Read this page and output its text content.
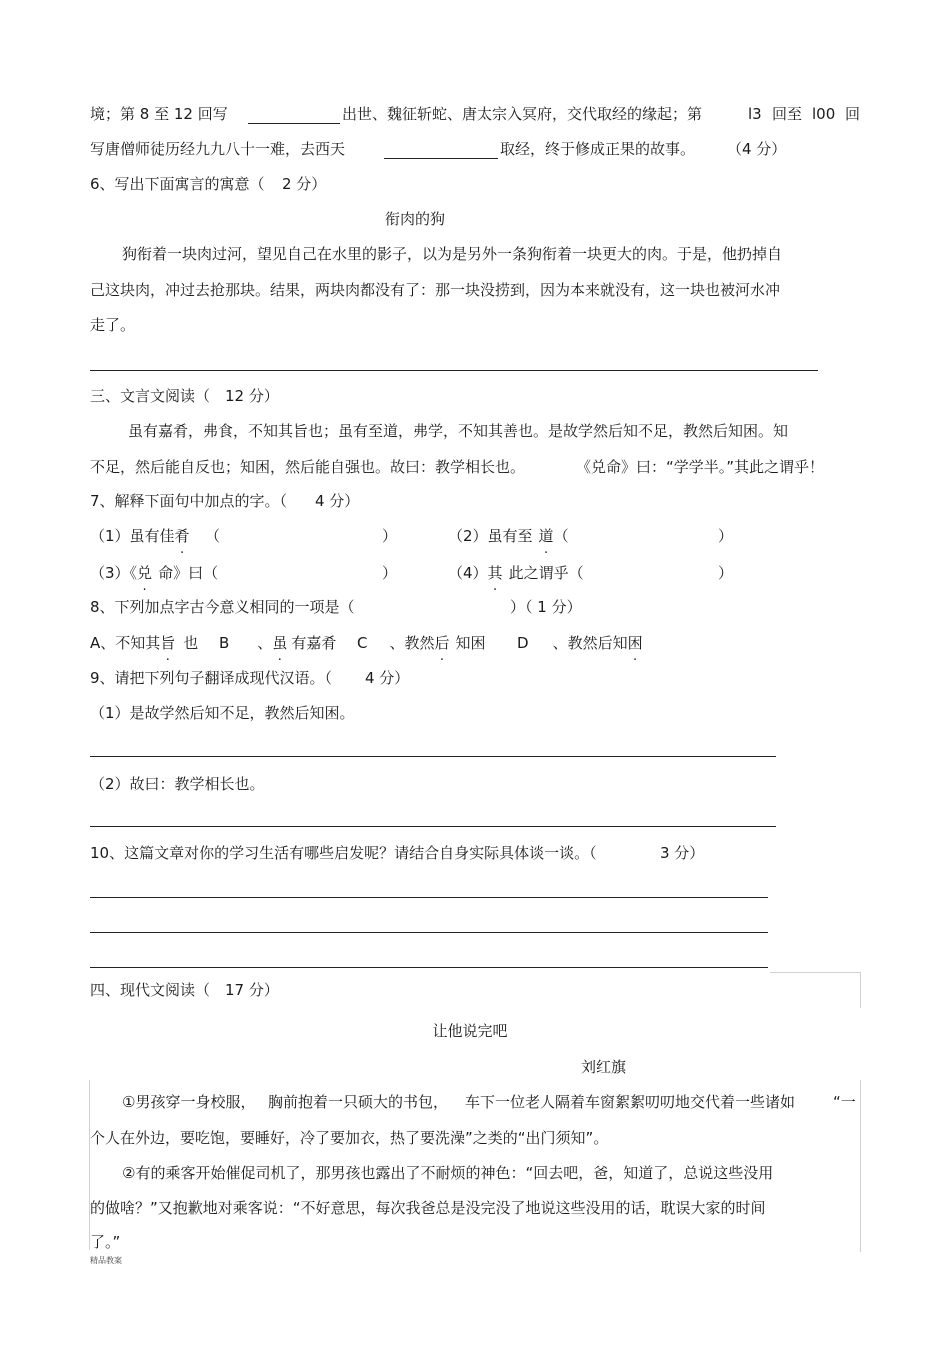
境；第 8 至 12 回写	出世、魏征斩蛇、唐太宗入冥府，交代取经的缘起；第	l3 回至 l00 回
写唐僧师徒历经九九八十一难，去西天	取经，终于修成正果的故事。 （4 分）
6、写出下面寓言的寓意（ 2 分）
衔肉的狗
狗衔着一块肉过河，望见自己在水里的影子，以为是另外一条狗衔着一块更大的肉。于是，他扔掉自
己这块肉，冲过去抢那块。结果，两块肉都没有了：那一块没捞到，因为本来就没有，这一块也被河水冲
走了。
三、文言文阅读（ 12 分）
虽有嘉肴，弗食，不知其旨也；虽有至道，弗学，不知其善也。是故学然后知不足，教然后知困。知
不足，然后能自反也；知困，然后能自强也。故曰：教学相长也。	《兑命》曰：“学学半。”其此之谓乎！
7、解释下面句中加点的字。（ 4 分）
（1）虽有佳肴 （	）	（2）虽有至 道（	）
（3）《兑 命》曰（	）	（4）其 此之谓乎（	）
8、下列加点字古今意义相同的一项是（	）（ 1 分）
A、不知其旨 也 B 、虽 有嘉肴 C 、教然后 知困 D 、教然后知困
9、请把下列句子翻译成现代汉语。（ 4 分）
（1）是故学然后知不足，教然后知困。
（2）故曰：教学相长也。
10、这篇文章对你的学习生活有哪些启发呢？请结合自身实际具体谈一谈。（	3 分）
四、现代文阅读（ 17 分）
让他说完吧
刘红旗
①男孩穿一身校服， 胸前抱着一只硕大的书包， 车下一位老人隔着车窗絮絮叨叨地交代着一些诸如	“一
个人在外边，要吃饱，要睡好，冷了要加衣，热了要洗澡”之类的“出门须知”。
②有的乘客开始催促司机了，那男孩也露出了不耐烦的神色：“回去吧，爸，知道了，总说这些没用
的做啥？”又抱歉地对乘客说：“不好意思，每次我爸总是没完没了地说这些没用的话，耽误大家的时间
了。”
精品教案
